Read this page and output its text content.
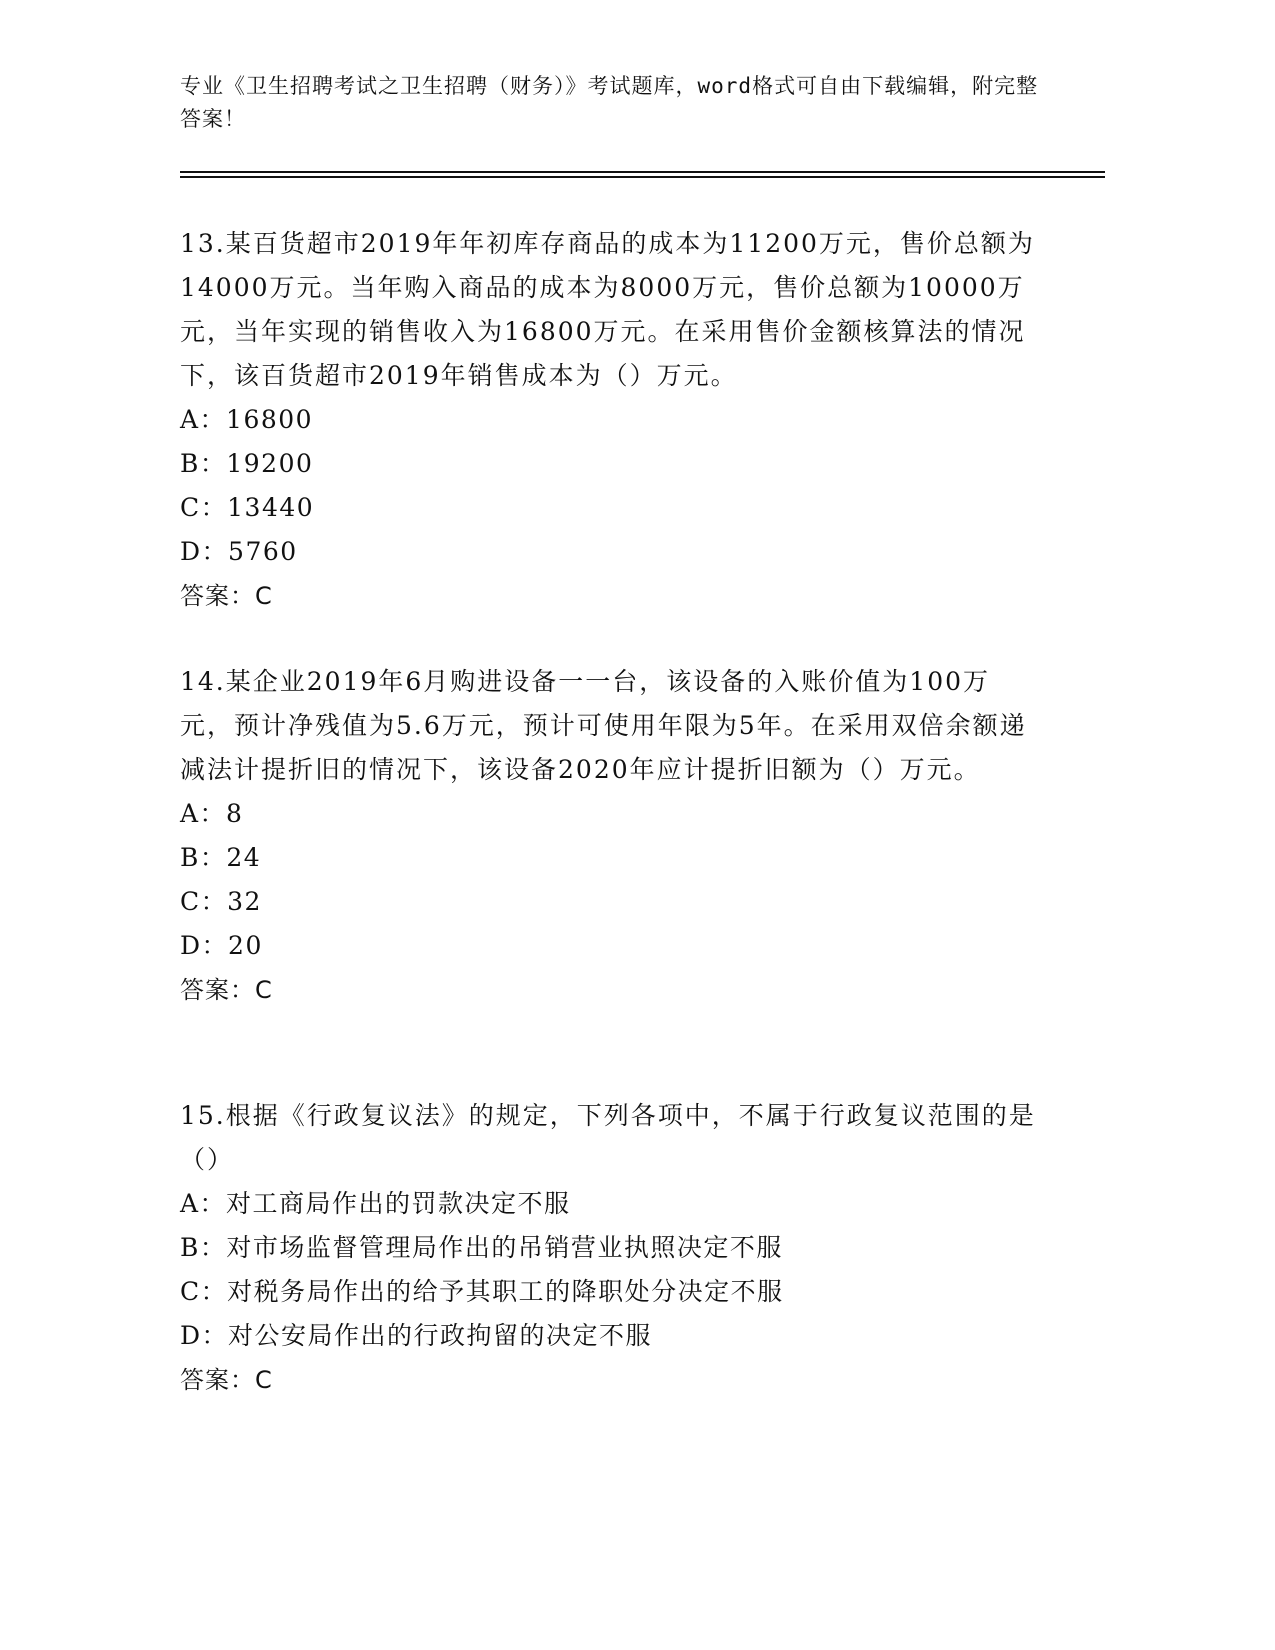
专业《卫生招聘考试之卫生招聘（财务）》考试题库，word格式可自由下载编辑，附完整答案！

13.某百货超市2019年年初库存商品的成本为11200万元，售价总额为14000万元。当年购入商品的成本为8000万元，售价总额为10000万元，当年实现的销售收入为16800万元。在采用售价金额核算法的情况下，该百货超市2019年销售成本为（）万元。

A：16800

B：19200

C：13440

D：5760

答案：C

14.某企业2019年6月购进设备一一台，该设备的入账价值为100万元，预计净残值为5.6万元，预计可使用年限为5年。在采用双倍余额递减法计提折旧的情况下，该设备2020年应计提折旧额为（）万元。

A：8

B：24

C：32

D：20

答案：C

15.根据《行政复议法》的规定，下列各项中，不属于行政复议范围的是（）

A：对工商局作出的罚款决定不服

B：对市场监督管理局作出的吊销营业执照决定不服

C：对税务局作出的给予其职工的降职处分决定不服

D：对公安局作出的行政拘留的决定不服

答案：C
